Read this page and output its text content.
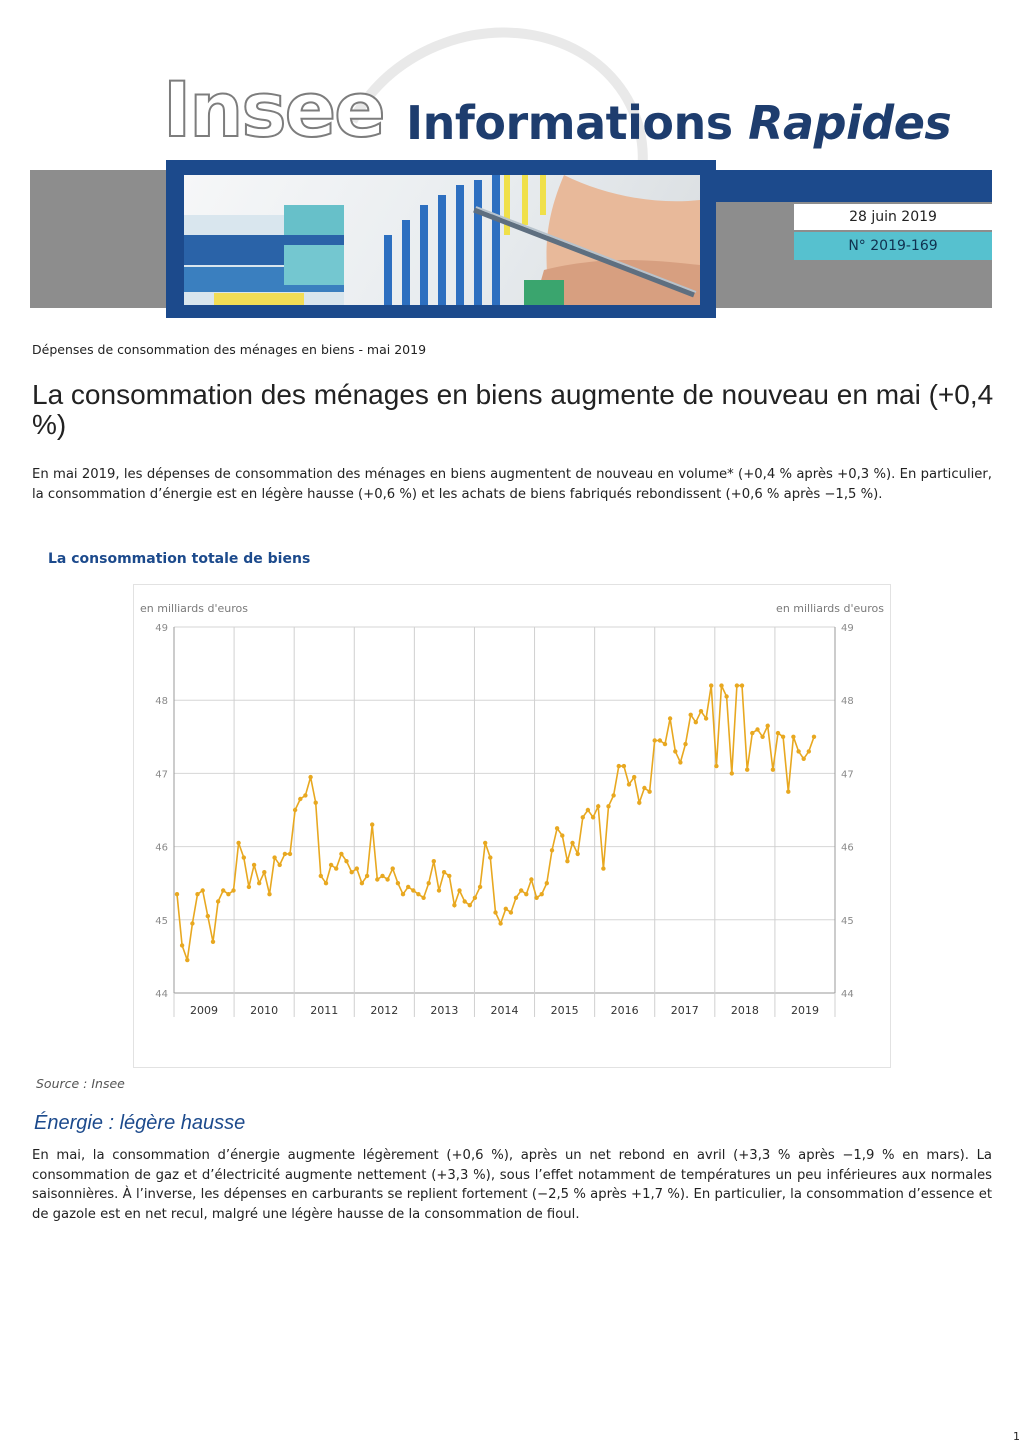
Insee Informations Rapides
28 juin 2019
N° 2019-169
Dépenses de consommation des ménages en biens - mai 2019
La consommation des ménages en biens augmente de nouveau en mai (+0,4 %)
En mai 2019, les dépenses de consommation des ménages en biens augmentent de nouveau en volume* (+0,4 % après +0,3 %). En particulier, la consommation d’énergie est en légère hausse (+0,6 %) et les achats de biens fabriqués rebondissent (+0,6 % après −1,5 %).
La consommation totale de biens
en milliards d'euros	en milliards d'euros
44	44
45	45
46	46
47	47
48	48
49	49
2009	2010	2011	2012	2013	2014	2015	2016	2017	2018	2019
Source : Insee
Énergie : légère hausse
En mai, la consommation d’énergie augmente légèrement (+0,6 %), après un net rebond en avril (+3,3 % après −1,9 % en mars). La consommation de gaz et d’électricité augmente nettement (+3,3 %), sous l’effet notamment de températures un peu inférieures aux normales saisonnières. À l’inverse, les dépenses en carburants se replient fortement (−2,5 % après +1,7 %). En particulier, la consommation d’essence et de gazole est en net recul, malgré une légère hausse de la consommation de fioul.
1
